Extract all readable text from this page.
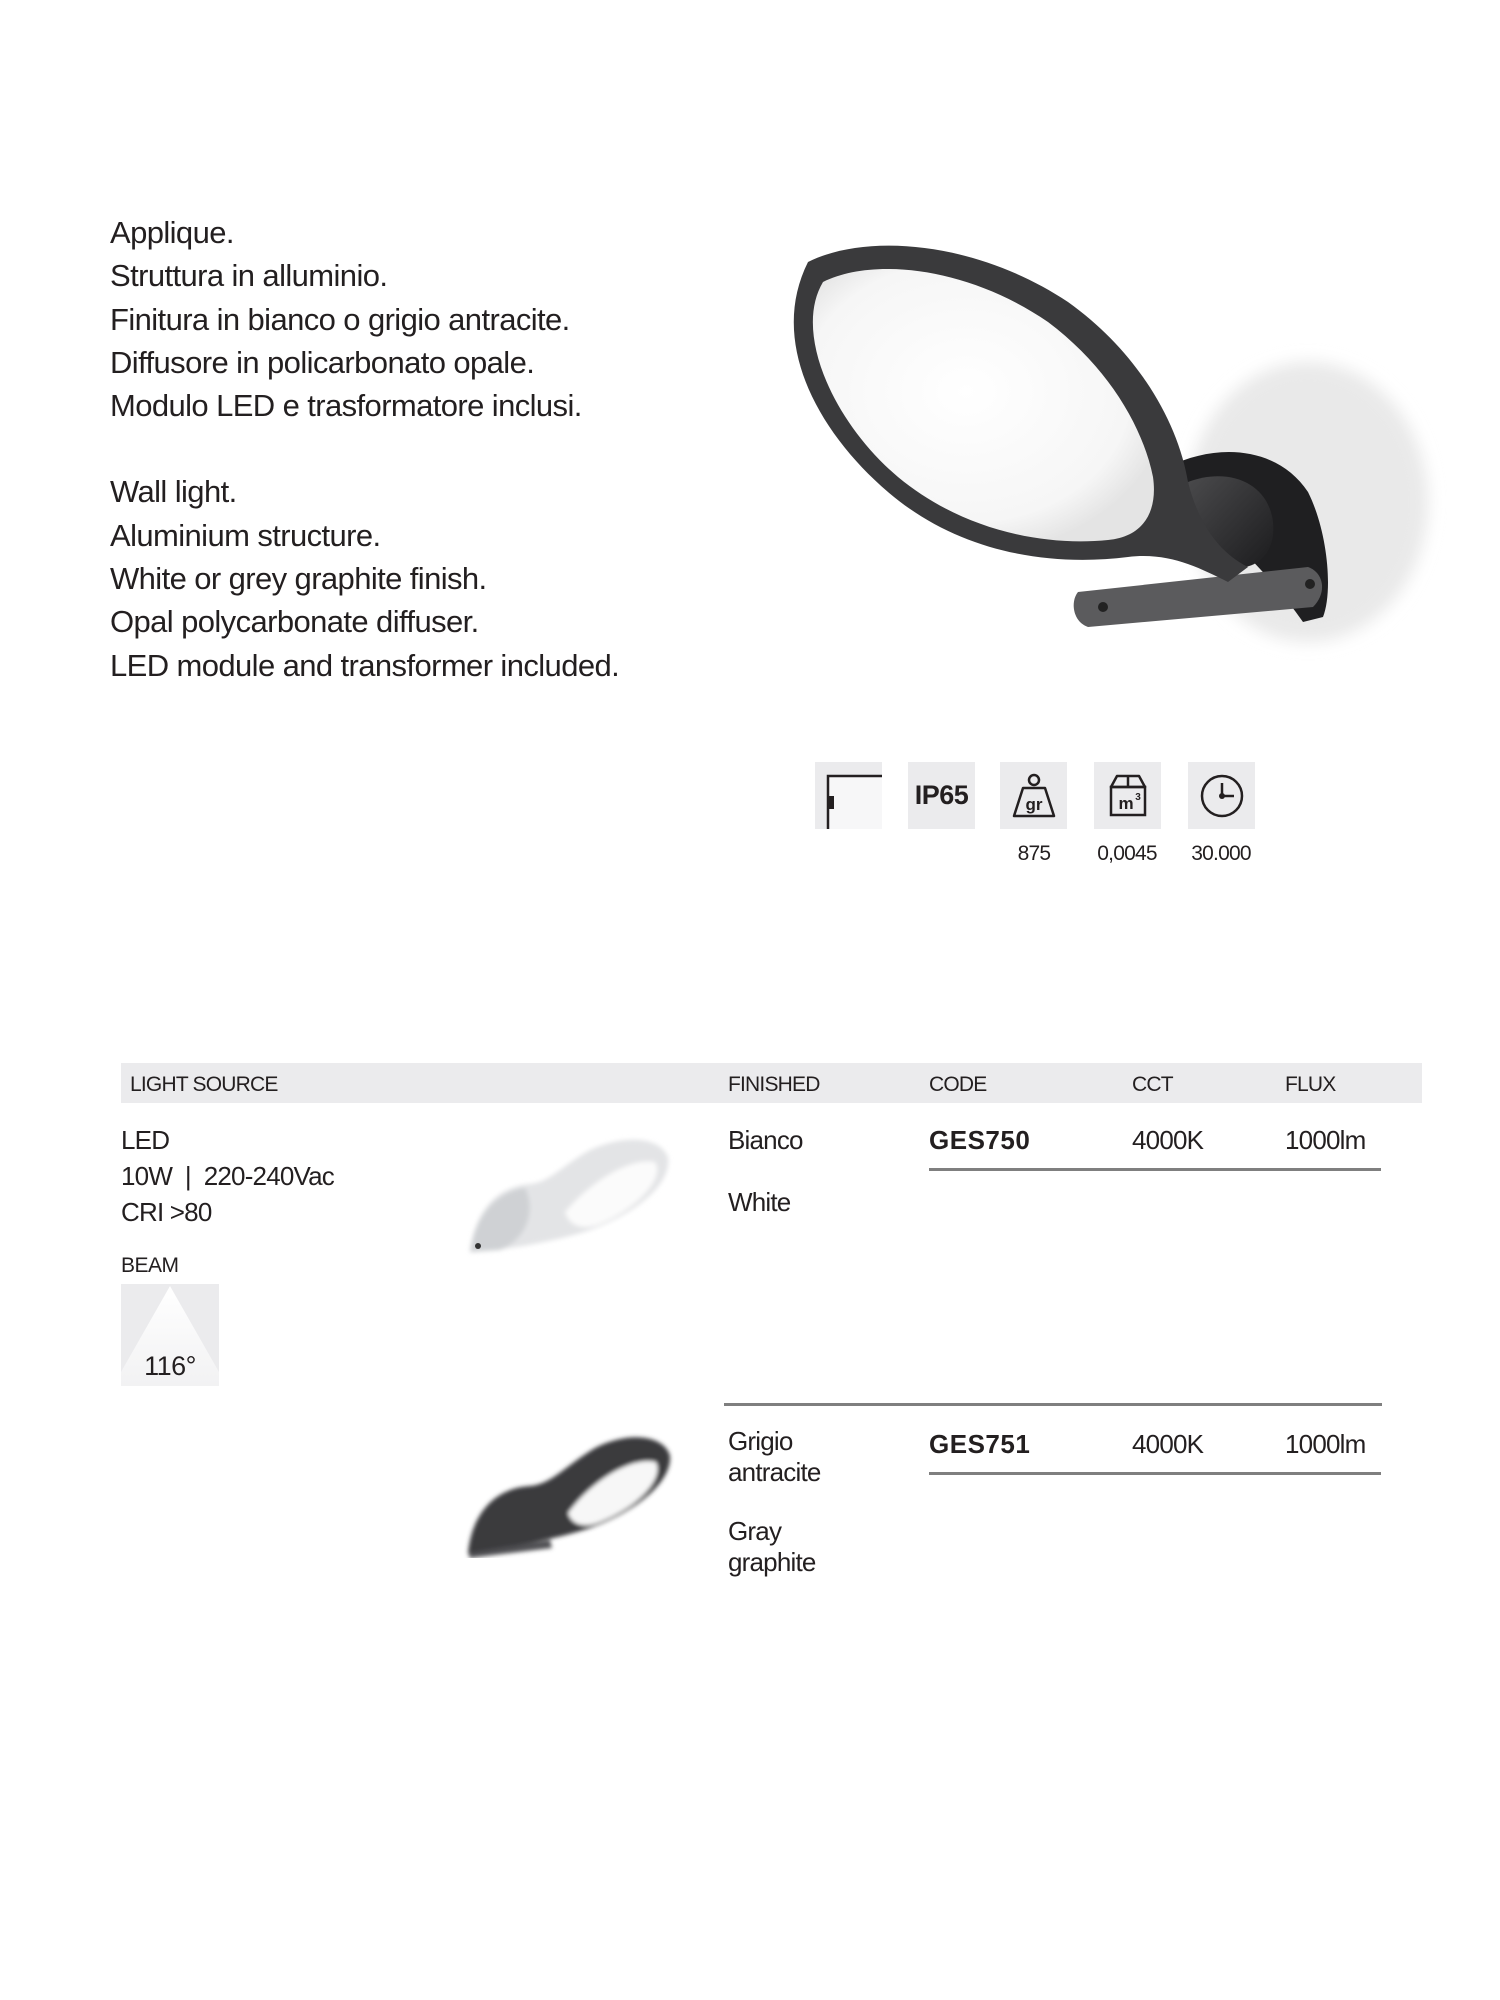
Applique.
Struttura in alluminio.
Finitura in bianco o grigio antracite.
Diffusore in policarbonato opale.
Modulo LED e trasformatore inclusi.
Wall light.
Aluminium structure.
White or grey graphite finish.
Opal polycarbonate diffuser.
LED module and transformer included.
IP65	gr	m 3
875	0,0045	30.000
LIGHT SOURCE	FINISHED	CODE	CCT	FLUX
LED
10W  |  220-240Vac
CRI >80
BEAM
116°
Bianco
White
GES750	4000K	1000lm
Grigio
antracite
Gray
graphite
GES751	4000K	1000lm
